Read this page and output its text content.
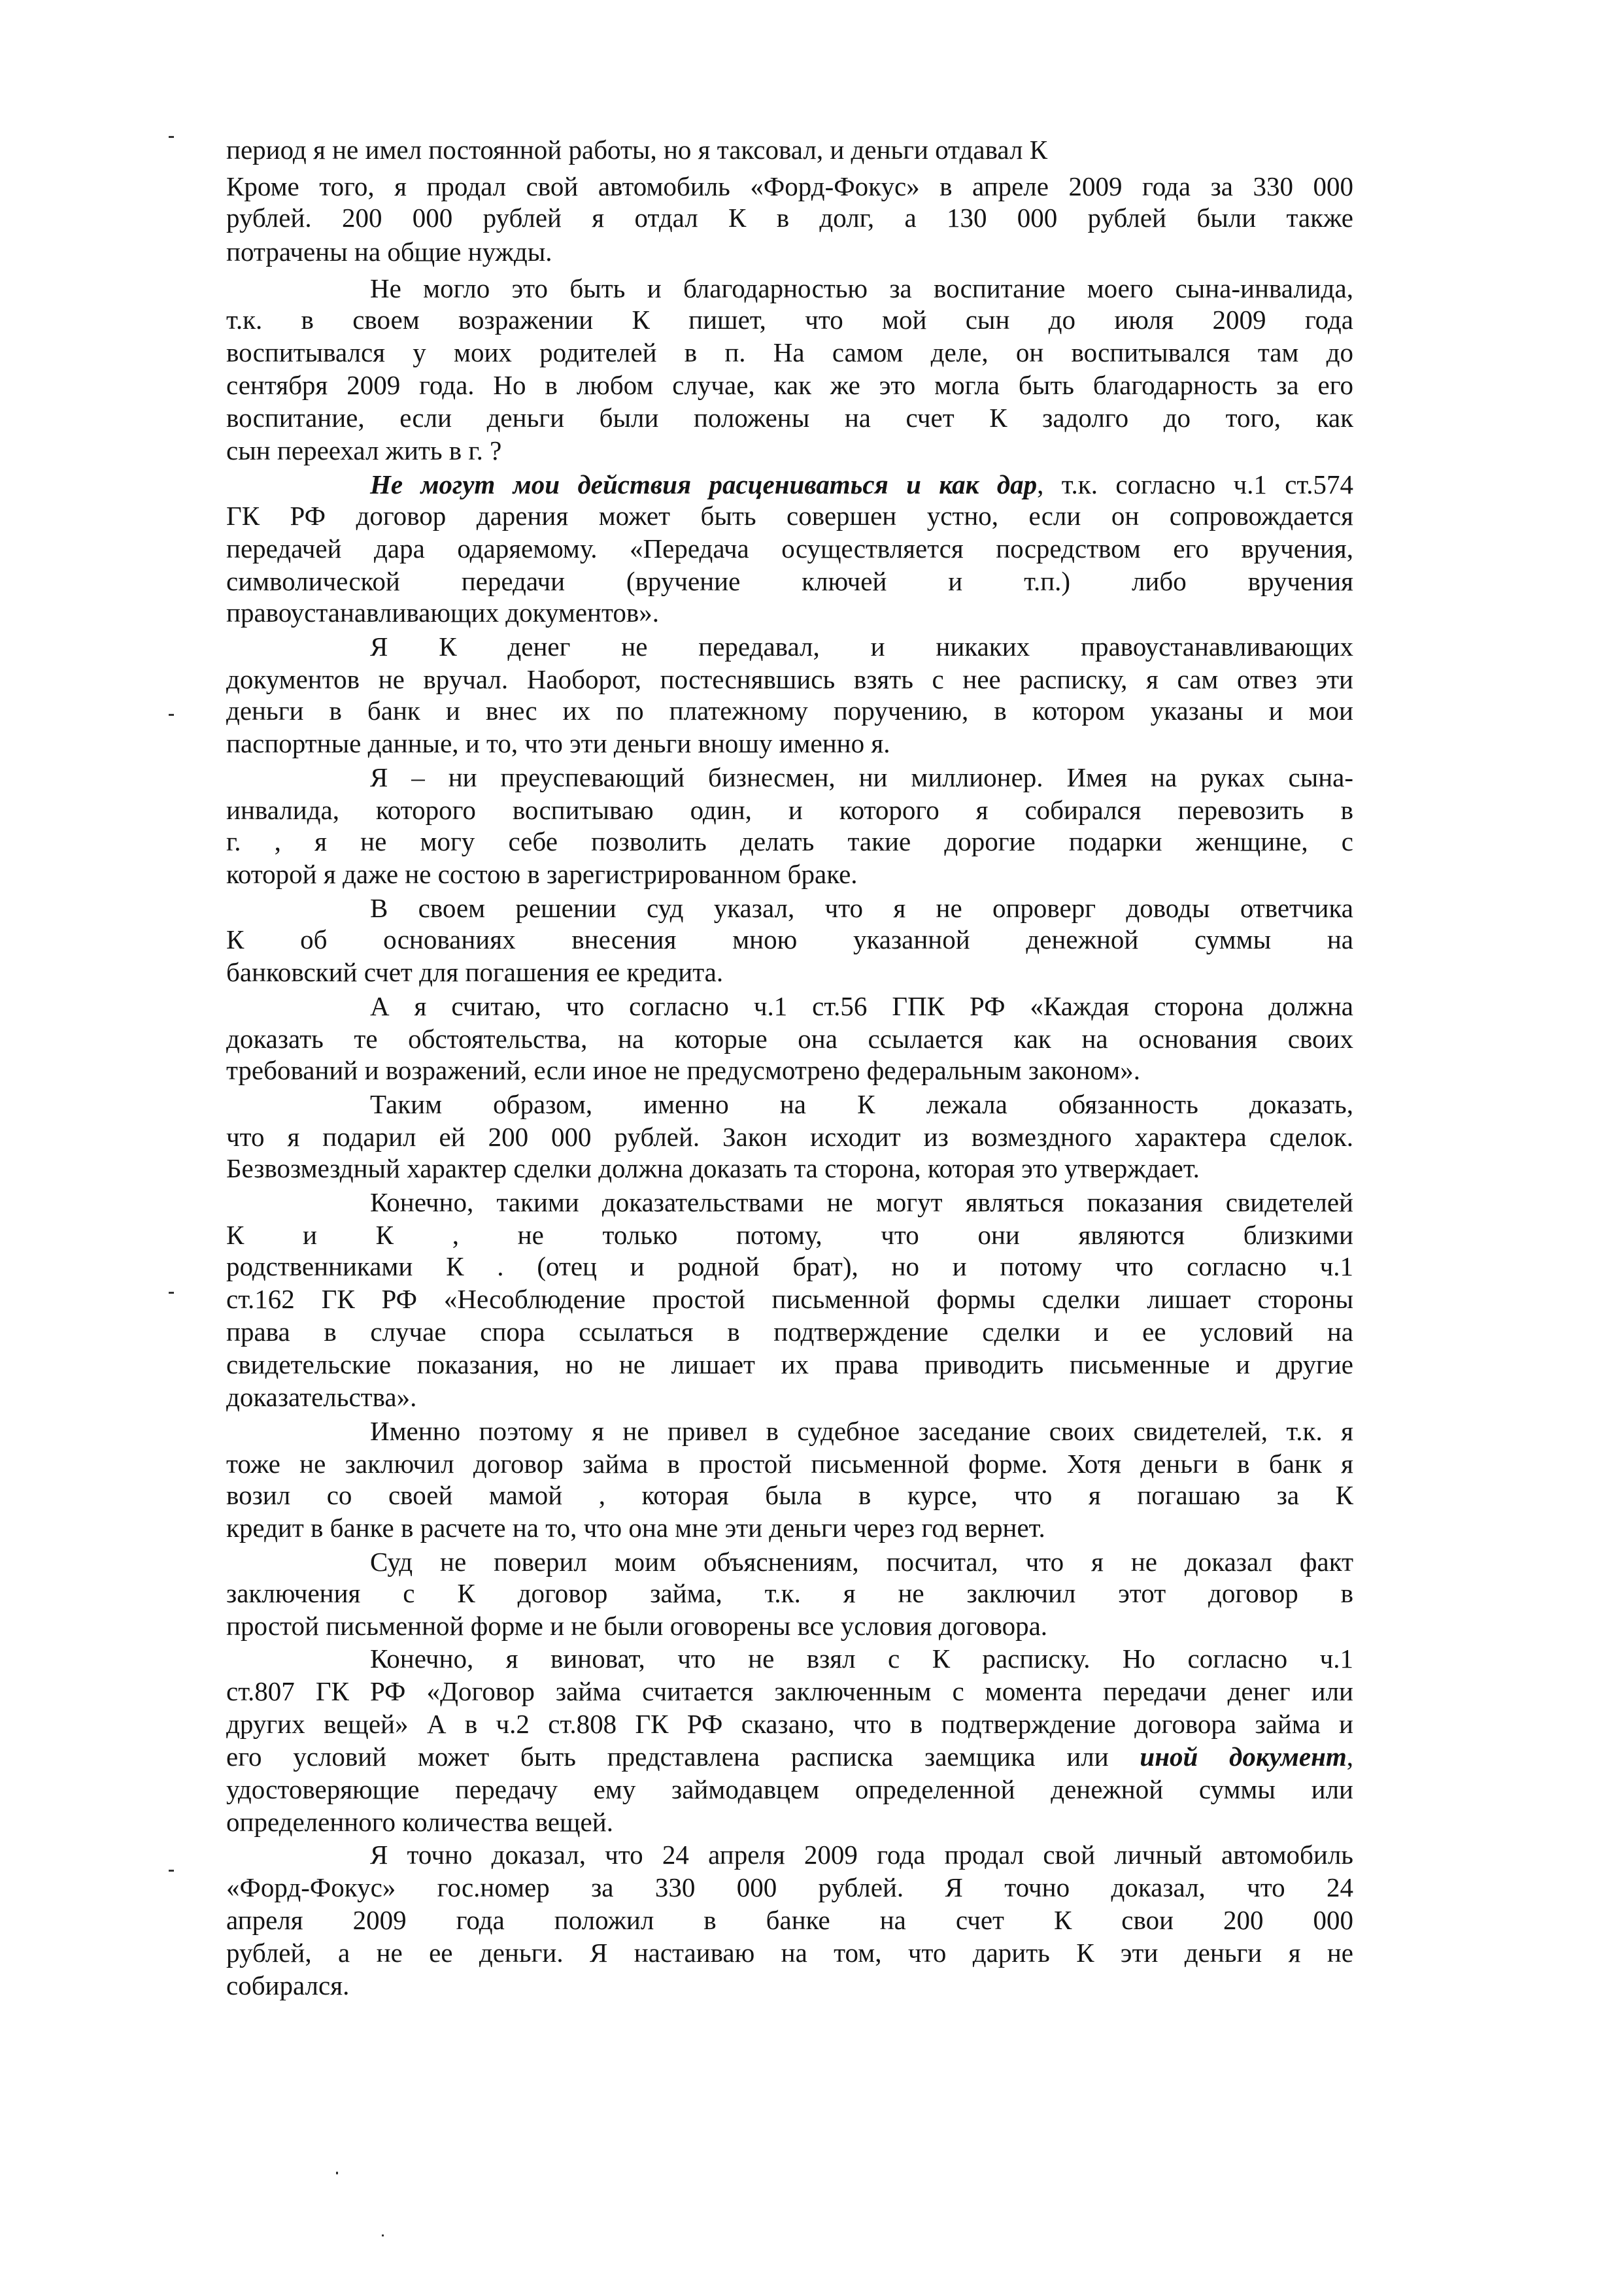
период я не имел постоянной работы, но я таксовал, и деньги отдавал К
Кроме того, я продал свой автомобиль «Форд-Фокус» в апреле 2009 года за 330 000
рублей. 200 000 рублей я отдал К в долг, а 130 000 рублей были также
потрачены на общие нужды.
Не могло это быть и благодарностью за воспитание моего сына-инвалида,
т.к. в своем возражении К пишет, что мой сын до июля 2009 года
воспитывался у моих родителей в п. На самом деле, он воспитывался там до
сентября 2009 года. Но в любом случае, как же это могла быть благодарность за его
воспитание, если деньги были положены на счет К задолго до того, как
сын переехал жить в г. ?
Не могут мои действия расцениваться и как дар, т.к. согласно ч.1 ст.574
ГК РФ договор дарения может быть совершен устно, если он сопровождается
передачей дара одаряемому. «Передача осуществляется посредством его вручения,
символической передачи (вручение ключей и т.п.) либо вручения
правоустанавливающих документов».
Я К денег не передавал, и никаких правоустанавливающих
документов не вручал. Наоборот, постеснявшись взять с нее расписку, я сам отвез эти
деньги в банк и внес их по платежному поручению, в котором указаны и мои
паспортные данные, и то, что эти деньги вношу именно я.
Я – ни преуспевающий бизнесмен, ни миллионер. Имея на руках сына-
инвалида, которого воспитываю один, и которого я собирался перевозить в
г. , я не могу себе позволить делать такие дорогие подарки женщине, с
которой я даже не состою в зарегистрированном браке.
В своем решении суд указал, что я не опроверг доводы ответчика
К об основаниях внесения мною указанной денежной суммы на
банковский счет для погашения ее кредита.
А я считаю, что согласно ч.1 ст.56 ГПК РФ «Каждая сторона должна
доказать те обстоятельства, на которые она ссылается как на основания своих
требований и возражений, если иное не предусмотрено федеральным законом».
Таким образом, именно на К лежала обязанность доказать,
что я подарил ей 200 000 рублей. Закон исходит из возмездного характера сделок.
Безвозмездный характер сделки должна доказать та сторона, которая это утверждает.
Конечно, такими доказательствами не могут являться показания свидетелей
К и К , не только потому, что они являются близкими
родственниками К . (отец и родной брат), но и потому что согласно ч.1
ст.162 ГК РФ «Несоблюдение простой письменной формы сделки лишает стороны
права в случае спора ссылаться в подтверждение сделки и ее условий на
свидетельские показания, но не лишает их права приводить письменные и другие
доказательства».
Именно поэтому я не привел в судебное заседание своих свидетелей, т.к. я
тоже не заключил договор займа в простой письменной форме. Хотя деньги в банк я
возил со своей мамой , которая была в курсе, что я погашаю за К
кредит в банке в расчете на то, что она мне эти деньги через год вернет.
Суд не поверил моим объяснениям, посчитал, что я не доказал факт
заключения с К договор займа, т.к. я не заключил этот договор в
простой письменной форме и не были оговорены все условия договора.
Конечно, я виноват, что не взял с К расписку. Но согласно ч.1
ст.807 ГК РФ «Договор займа считается заключенным с момента передачи денег или
других вещей» А в ч.2 ст.808 ГК РФ сказано, что в подтверждение договора займа и
его условий может быть представлена расписка заемщика или иной документ,
удостоверяющие передачу ему займодавцем определенной денежной суммы или
определенного количества вещей.
Я точно доказал, что 24 апреля 2009 года продал свой личный автомобиль
«Форд-Фокус» гос.номер за 330 000 рублей. Я точно доказал, что 24
апреля 2009 года положил в банке на счет К свои 200 000
рублей, а не ее деньги. Я настаиваю на том, что дарить К эти деньги я не
собирался.
